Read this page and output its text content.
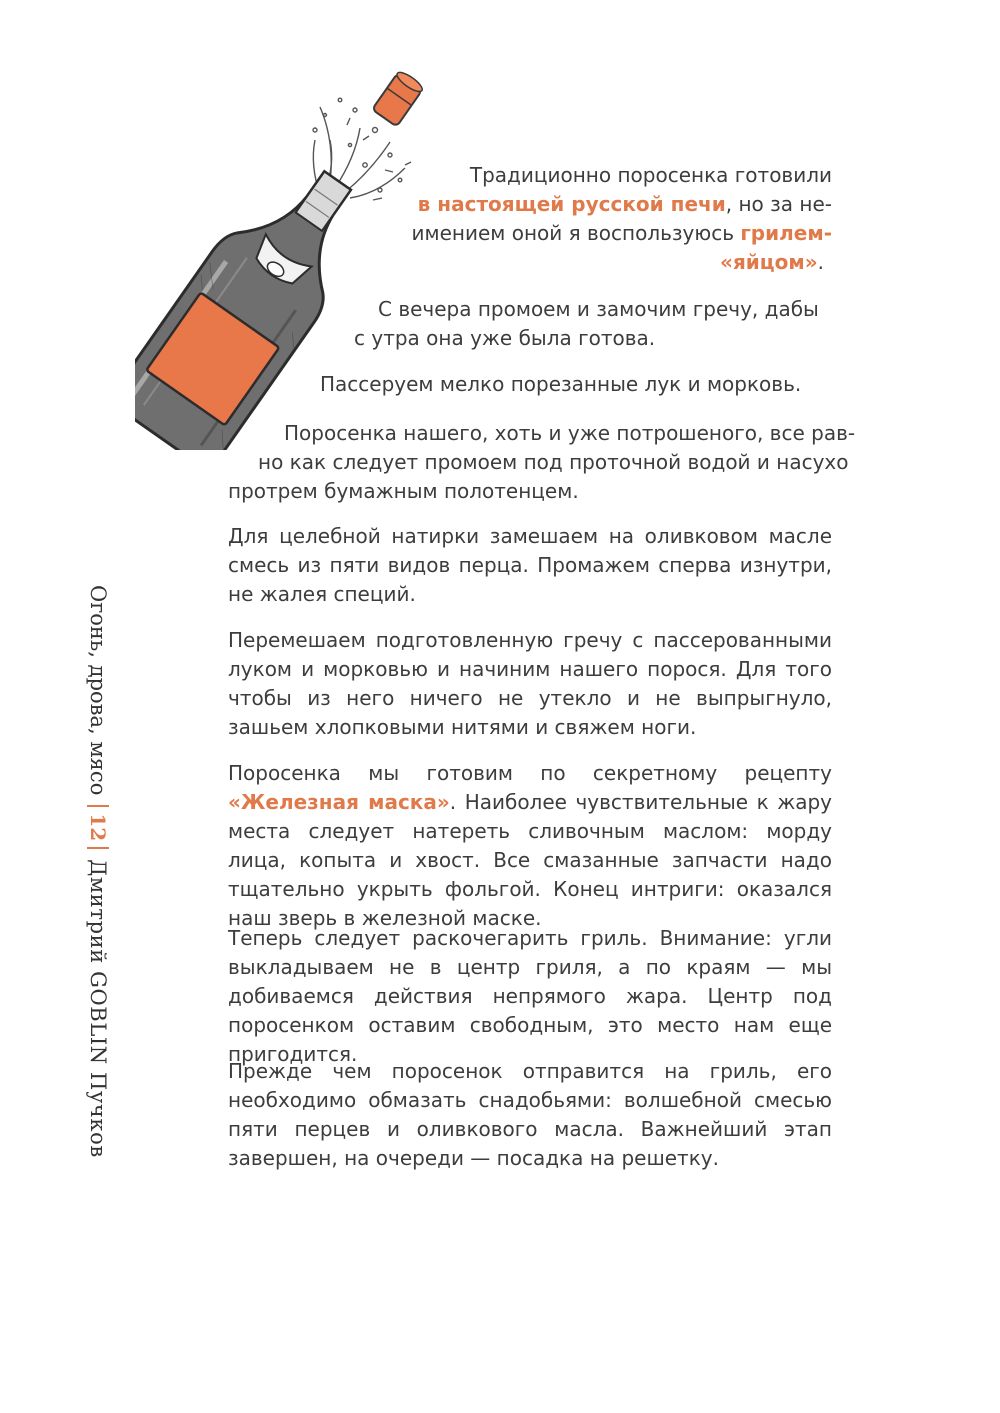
Огонь, дрова, мясо
12
Дмитрий GOBLIN Пучков
Традиционно поросенка готовили
в настоящей русской печи, но за не-
имением оной я воспользуюсь грилем-
«яйцом».
С вечера промоем и замочим гречу, дабы
с утра она уже была готова.

Пассеруем мелко порезанные лук и морковь.

Поросенка нашего, хоть и уже потрошеного, все рав-
но как следует промоем под проточной водой и насухо
протрем бумажным полотенцем.

Для целебной натирки замешаем на оливковом масле смесь из пяти видов перца. Промажем сперва изнутри, не жалея специй.

Перемешаем подготовленную гречу с пассерованными луком и морковью и начиним нашего порося. Для того чтобы из него ничего не утекло и не выпрыгнуло, зашьем хлопковыми нитями и свяжем ноги.

Поросенка мы готовим по секретному рецепту «Железная маска». Наиболее чувствительные к жару места следует натереть сливочным маслом: морду лица, копыта и хвост. Все смазанные запчасти надо тщательно укрыть фольгой. Конец интриги: оказался наш зверь в железной маске.

Теперь следует раскочегарить гриль. Внимание: угли выкладываем не в центр гриля, а по краям — мы добиваемся действия непрямого жара. Центр под поросенком оставим свободным, это место нам еще пригодится.

Прежде чем поросенок отправится на гриль, его необходимо обмазать снадобьями: волшебной смесью пяти перцев и оливкового масла. Важнейший этап завершен, на очереди — посадка на решетку.
